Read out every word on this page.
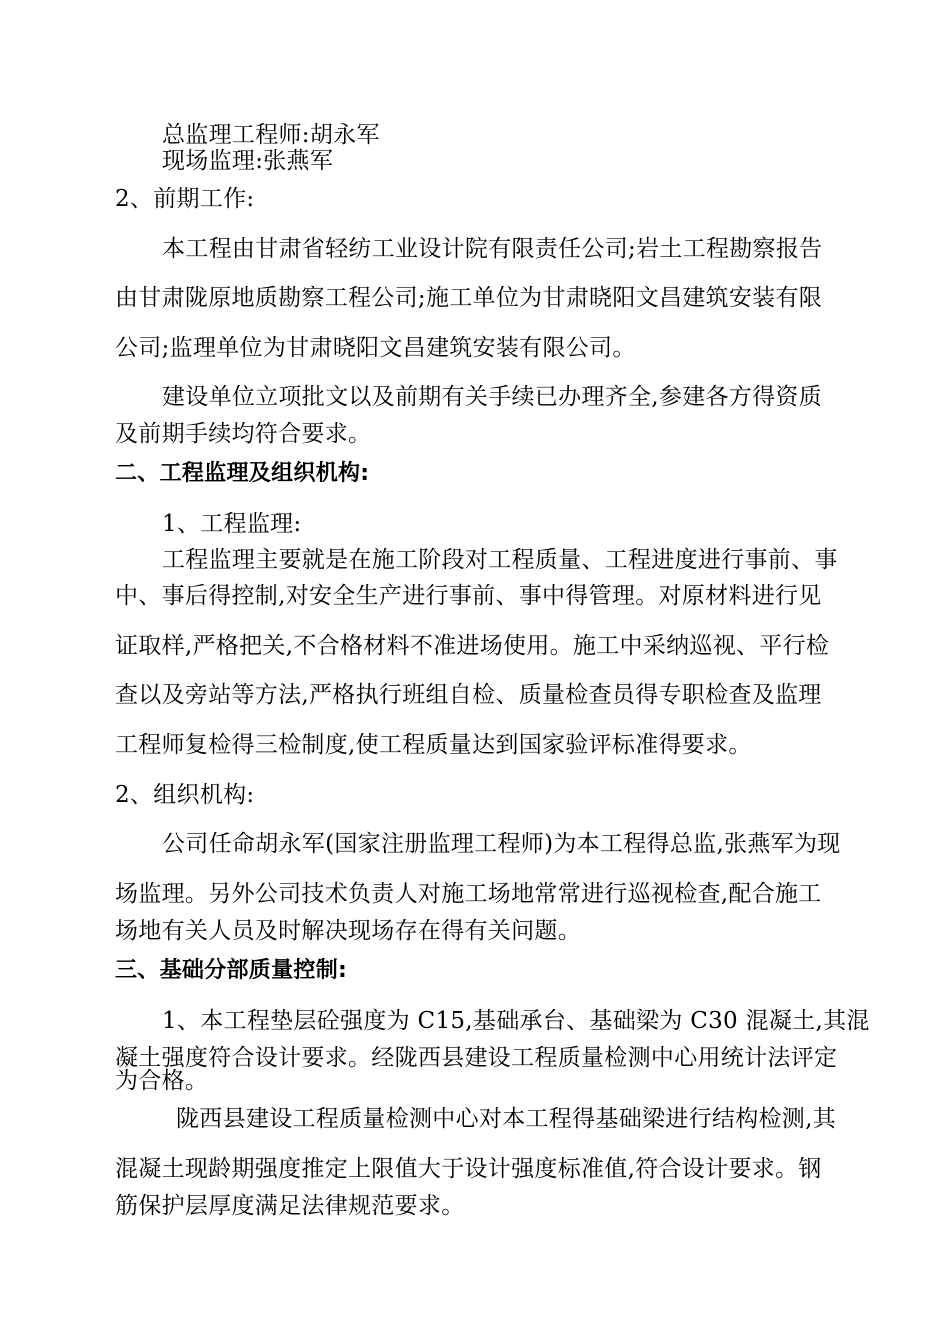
总监理工程师:胡永军
现场监理:张燕军
2、前期工作:
本工程由甘肃省轻纺工业设计院有限责任公司;岩土工程勘察报告
由甘肃陇原地质勘察工程公司;施工单位为甘肃晓阳文昌建筑安装有限
公司;监理单位为甘肃晓阳文昌建筑安装有限公司。
建设单位立项批文以及前期有关手续已办理齐全,参建各方得资质
及前期手续均符合要求。
二、工程监理及组织机构:
1、工程监理:
工程监理主要就是在施工阶段对工程质量、工程进度进行事前、事
中、事后得控制,对安全生产进行事前、事中得管理。对原材料进行见
证取样,严格把关,不合格材料不准进场使用。施工中采纳巡视、平行检
查以及旁站等方法,严格执行班组自检、质量检查员得专职检查及监理
工程师复检得三检制度,使工程质量达到国家验评标准得要求。
2、组织机构:
公司任命胡永军(国家注册监理工程师)为本工程得总监,张燕军为现
场监理。另外公司技术负责人对施工场地常常进行巡视检查,配合施工
场地有关人员及时解决现场存在得有关问题。
三、基础分部质量控制:
1、本工程垫层砼强度为 C15,基础承台、基础梁为 C30 混凝土,其混
凝土强度符合设计要求。经陇西县建设工程质量检测中心用统计法评定
为合格。
陇西县建设工程质量检测中心对本工程得基础梁进行结构检测,其
混凝土现龄期强度推定上限值大于设计强度标准值,符合设计要求。钢
筋保护层厚度满足法律规范要求。
